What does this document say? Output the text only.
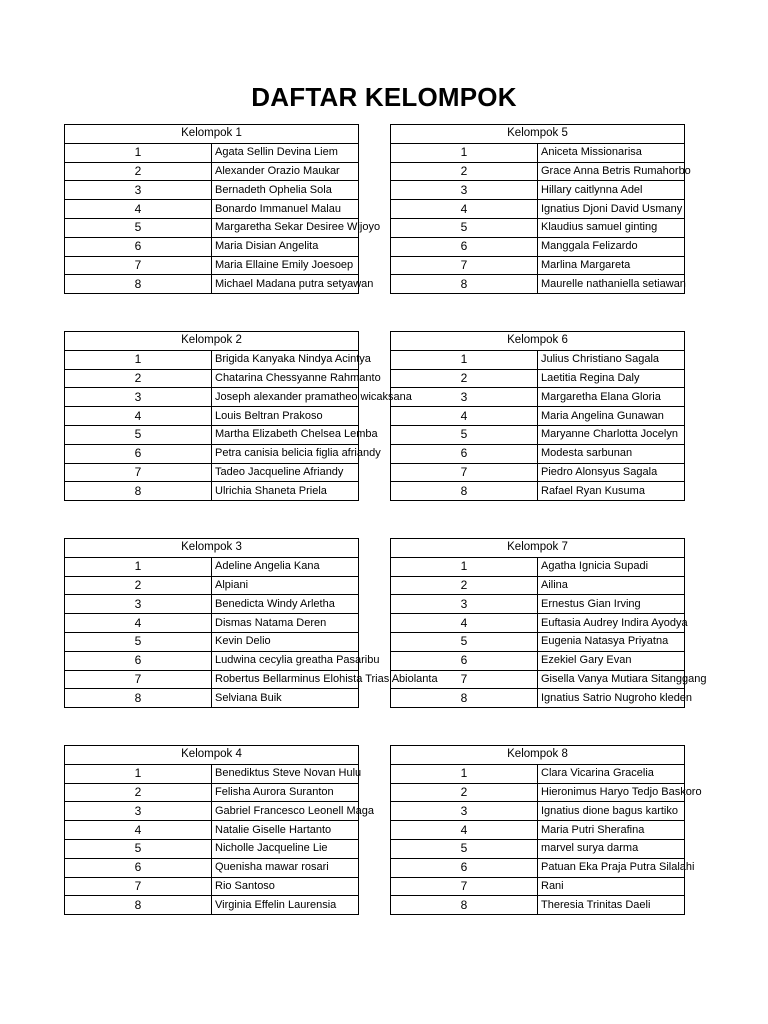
DAFTAR KELOMPOK
Kelompok 1	
1	Agata Sellin Devina Liem
2	Alexander Orazio Maukar
3	Bernadeth Ophelia Sola
4	Bonardo Immanuel Malau
5	Margaretha Sekar Desiree Wijoyo
6	Maria Disian Angelita
7	Maria Ellaine Emily Joesoep
8	Michael Madana putra setyawan
Kelompok 5	
1	Aniceta Missionarisa
2	Grace Anna Betris Rumahorbo
3	Hillary caitlynna Adel
4	Ignatius Djoni David Usmany
5	Klaudius samuel ginting
6	Manggala Felizardo
7	Marlina Margareta
8	Maurelle nathaniella setiawan
Kelompok 2	
1	Brigida Kanyaka Nindya Acintya
2	Chatarina Chessyanne Rahmanto
3	Joseph alexander pramatheo wicaksana
4	Louis Beltran Prakoso
5	Martha Elizabeth Chelsea Lemba
6	Petra canisia belicia figlia afriandy
7	Tadeo Jacqueline Afriandy
8	Ulrichia Shaneta Priela
Kelompok 6	
1	Julius Christiano Sagala
2	Laetitia Regina Daly
3	Margaretha Elana Gloria
4	Maria Angelina Gunawan
5	Maryanne Charlotta Jocelyn
6	Modesta sarbunan
7	Piedro Alonsyus Sagala
8	Rafael Ryan Kusuma
Kelompok 3	
1	Adeline Angelia Kana
2	Alpiani
3	Benedicta Windy Arletha
4	Dismas Natama Deren
5	Kevin Delio
6	Ludwina cecylia greatha Pasaribu
7	Robertus Bellarminus Elohista Trias Abiolanta
8	Selviana Buik
Kelompok 7	
1	Agatha Ignicia Supadi
2	Ailina
3	Ernestus Gian Irving
4	Euftasia Audrey Indira Ayodya
5	Eugenia Natasya Priyatna
6	Ezekiel Gary Evan
7	Gisella Vanya Mutiara Sitanggang
8	Ignatius Satrio Nugroho kleden
Kelompok 4	
1	Benediktus Steve Novan Hulu
2	Felisha Aurora Suranton
3	Gabriel Francesco Leonell Maga
4	Natalie Giselle Hartanto
5	Nicholle Jacqueline Lie
6	Quenisha mawar rosari
7	Rio Santoso
8	Virginia Effelin Laurensia
Kelompok 8	
1	Clara Vicarina Gracelia
2	Hieronimus Haryo Tedjo Baskoro
3	Ignatius dione bagus kartiko
4	Maria Putri Sherafina
5	marvel surya darma
6	Patuan Eka Praja Putra Silalahi
7	Rani
8	Theresia Trinitas Daeli
